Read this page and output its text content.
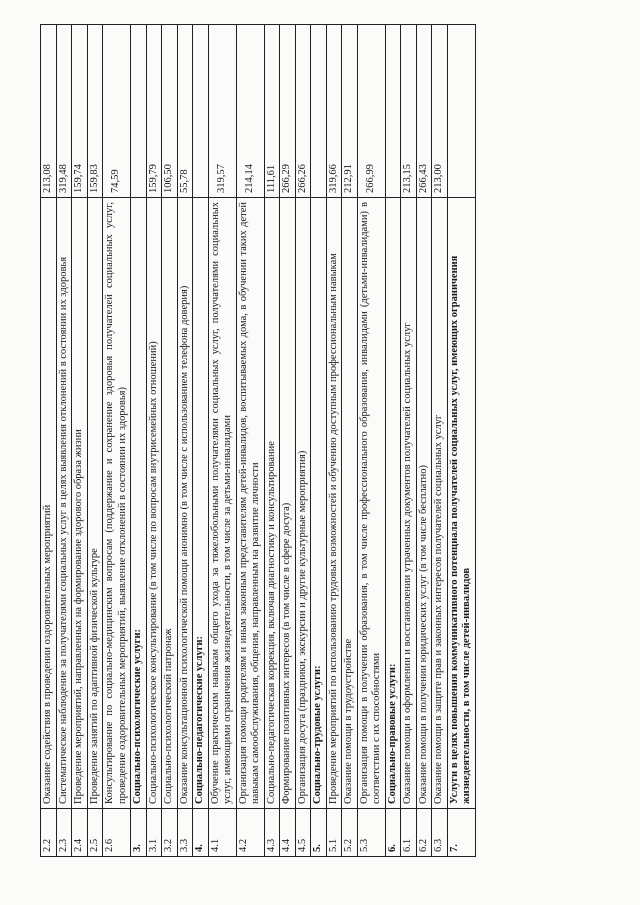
2.2	Оказание содействия в проведении оздоровительных мероприятий	213,08
2.3	Систематическое наблюдение за получателями социальных услуг в целях выявления отклонений в состоянии их здоровья	319,48
2.4	Проведение мероприятий, направленных на формирование здорового образа жизни	159,74
2.5	Проведение занятий по адаптивной физической культуре	159,83
2.6	Консультирование по социально-медицинским вопросам (поддержание и сохранение здоровья получателей социальных услуг, проведение оздоровительных мероприятий, выявление отклонений в состоянии их здоровья)	74,59
3.	Социально-психологические услуги:	
3.1	Социально-психологическое консультирование (в том числе по вопросам внутрисемейных отношений)	159,79
3.2	Социально-психологический патронаж	106,50
3.3	Оказание консультационной психологической помощи анонимно (в том числе с использованием телефона доверия)	55,78
4.	Социально-педагогические услуги:	
4.1	Обучение практическим навыкам общего ухода за тяжелобольными получателями социальных услуг, получателями социальных услуг, имеющими ограничения жизнедеятельности, в том числе за детьми-инвалидами	319,57
4.2	Организация помощи родителям и иным законным представителям детей-инвалидов, воспитываемых дома, в обучении таких детей навыкам самообслуживания, общения, направленным на развитие личности	214,14
4.3	Социально-педагогическая коррекция, включая диагностику и консультирование	111,61
4.4	Формирование позитивных интересов (в том числе в сфере досуга)	266,29
4.5	Организация досуга (праздники, экскурсии и другие культурные мероприятия)	266,26
5.	Социально-трудовые услуги:	
5.1	Проведение мероприятий по использованию трудовых возможностей и обучению доступным профессиональным навыкам	319,66
5.2	Оказание помощи в трудоустройстве	212,91
5.3	Организация помощи в получении образования, в том числе профессионального образования, инвалидами (детьми-инвалидами) в соответствии с их способностями	266,99
6.	Социально-правовые услуги:	
6.1	Оказание помощи в оформлении и восстановлении утраченных документов получателей социальных услуг	213,15
6.2	Оказание помощи в получении юридических услуг (в том числе бесплатно)	266,43
6.3	Оказание помощи в защите прав и законных интересов получателей социальных услуг	213,00
7.	Услуги в целях повышения коммуникативного потенциала получателей социальных услуг, имеющих ограничения жизнедеятельности, в том числе детей-инвалидов	
